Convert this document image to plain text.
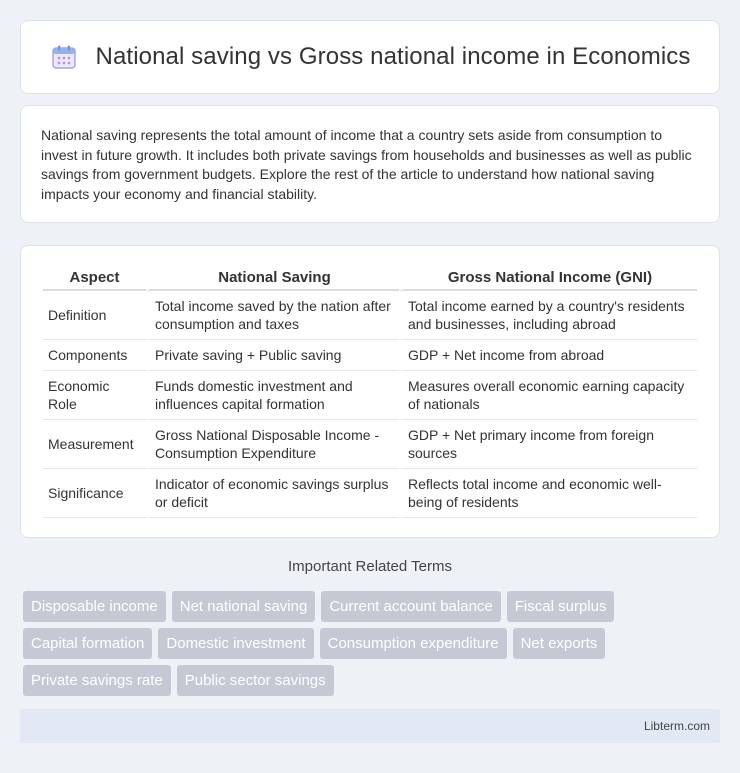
National saving vs Gross national income in Economics

National saving represents the total amount of income that a country sets aside from consumption to invest in future growth. It includes both private savings from households and businesses as well as public savings from government budgets. Explore the rest of the article to understand how national saving impacts your economy and financial stability.

Aspect	National Saving	Gross National Income (GNI)
Definition	Total income saved by the nation after consumption and taxes	Total income earned by a country's residents and businesses, including abroad
Components	Private saving + Public saving	GDP + Net income from abroad
Economic Role	Funds domestic investment and influences capital formation	Measures overall economic earning capacity of nationals
Measurement	Gross National Disposable Income - Consumption Expenditure	GDP + Net primary income from foreign sources
Significance	Indicator of economic savings surplus or deficit	Reflects total income and economic well-being of residents
Important Related Terms
Disposable income	Net national saving	Current account balance	Fiscal surplus
Capital formation	Domestic investment	Consumption expenditure	Net exports
Private savings rate	Public sector savings
Libterm.com
